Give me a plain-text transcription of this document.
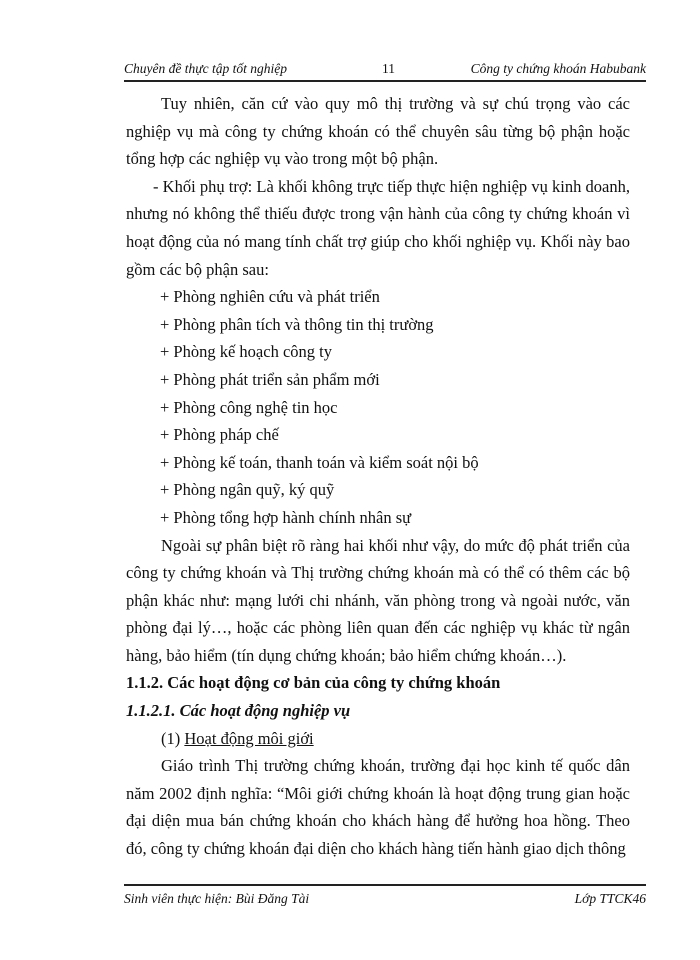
Chuyên đề thực tập tốt nghiệp	11	Công ty chứng khoán Habubank

Tuy nhiên, căn cứ vào quy mô thị trường và sự chú trọng vào các nghiệp vụ mà công ty chứng khoán có thể chuyên sâu từng bộ phận hoặc tổng hợp các nghiệp vụ vào trong một bộ phận.

- Khối phụ trợ: Là khối không trực tiếp thực hiện nghiệp vụ kinh doanh, nhưng nó không thể thiếu được trong vận hành của công ty chứng khoán vì hoạt động của nó mang tính chất trợ giúp cho khối nghiệp vụ. Khối này bao gồm các bộ phận sau:

+ Phòng nghiên cứu và phát triển

+ Phòng phân tích và thông tin thị trường

+ Phòng kế hoạch công ty

+ Phòng phát triển sản phẩm mới

+ Phòng công nghệ tin học

+ Phòng pháp chế

+ Phòng kế toán, thanh toán và kiểm soát nội bộ

+ Phòng ngân quỹ, ký quỹ

+ Phòng tổng hợp hành chính nhân sự

Ngoài sự phân biệt rõ ràng hai khối như vậy, do mức độ phát triển của công ty chứng khoán và Thị trường chứng khoán mà có thể có thêm các bộ phận khác như: mạng lưới chi nhánh, văn phòng trong và ngoài nước, văn phòng đại lý…, hoặc các phòng liên quan đến các nghiệp vụ khác từ ngân hàng, bảo hiểm (tín dụng chứng khoán; bảo hiểm chứng khoán…).

1.1.2. Các hoạt động cơ bản của công ty chứng khoán

1.1.2.1. Các hoạt động nghiệp vụ

(1) Hoạt động môi giới

Giáo trình Thị trường chứng khoán, trường đại học kinh tế quốc dân năm 2002 định nghĩa: “Môi giới chứng khoán là hoạt động trung gian hoặc đại diện mua bán chứng khoán cho khách hàng để hưởng hoa hồng. Theo đó, công ty chứng khoán đại diện cho khách hàng tiến hành giao dịch thông

Sinh viên thực hiện: Bùi Đăng Tài	Lớp TTCK46
